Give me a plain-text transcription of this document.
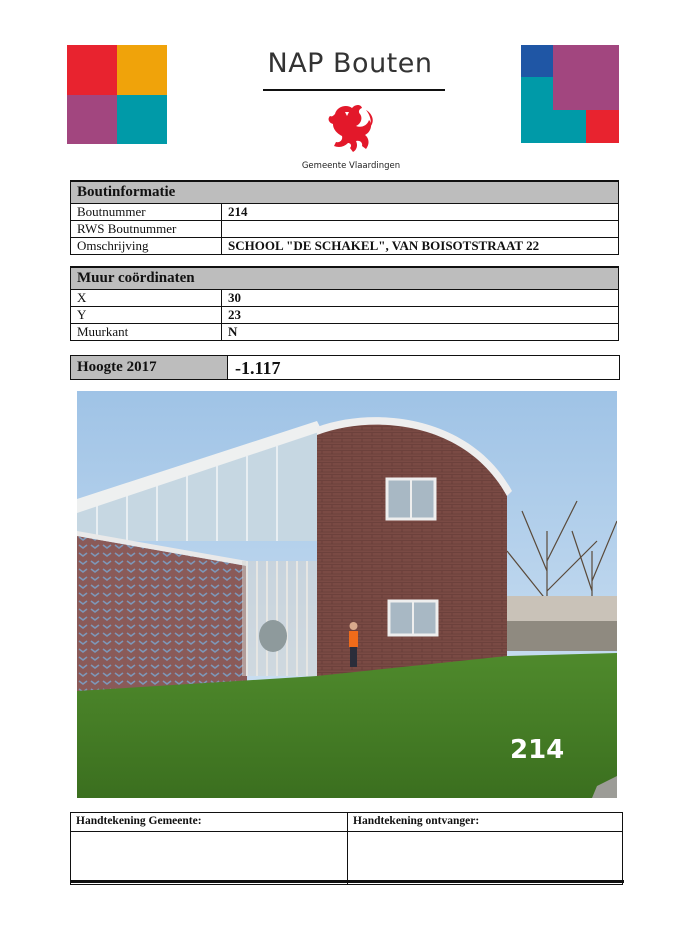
NAP Bouten
Gemeente Vlaardingen
Boutinformatie	
Boutnummer	214
RWS Boutnummer	
Omschrijving	SCHOOL "DE SCHAKEL", VAN BOISOTSTRAAT 22
Muur coördinaten	
X	30
Y	23
Muurkant	N
Hoogte 2017	-1.117
214
Handtekening Gemeente:	Handtekening ontvanger:
